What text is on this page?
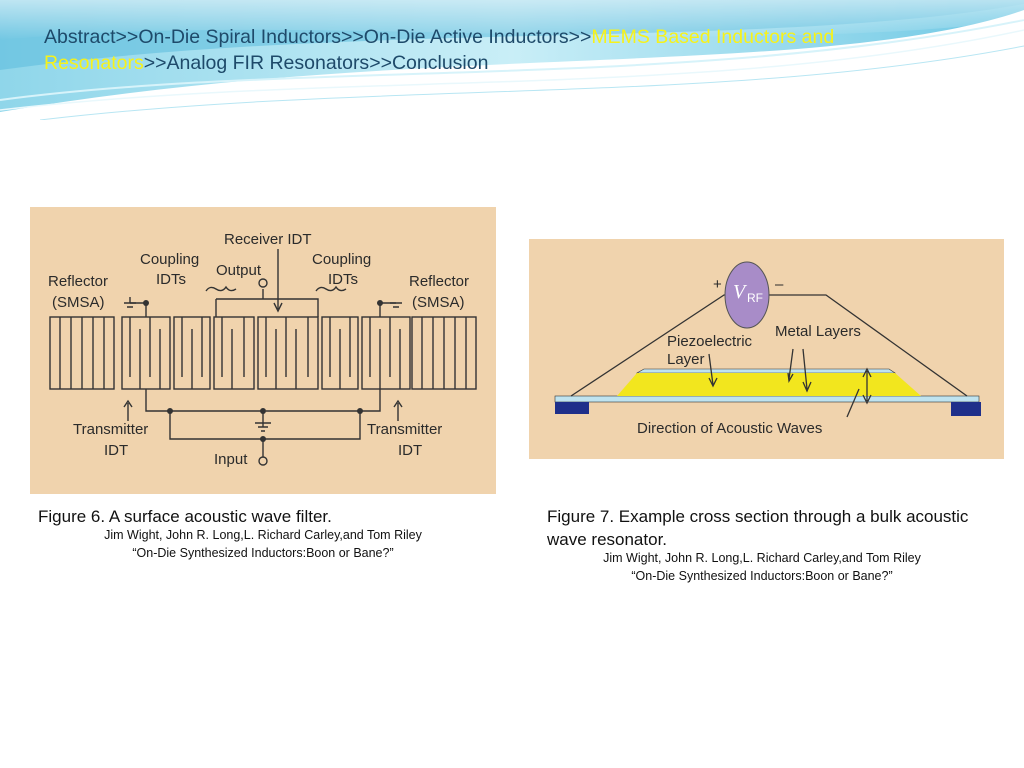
Abstract>>On-Die Spiral Inductors>>On-Die Active Inductors>>MEMS Based Inductors and Resonators>>Analog FIR Resonators>>Conclusion
Receiver IDT
Coupling
IDTs
Coupling
IDTs
Output
Reflector
(SMSA)
Reflector
(SMSA)
Transmitter
IDT
Transmitter
IDT
Input
V RF
+	–
Piezoelectric
Layer
Metal Layers
Direction of Acoustic Waves
Figure 6. A surface acoustic wave filter.
Jim Wight, John R. Long,L. Richard Carley,and Tom Riley
“On-Die Synthesized Inductors:Boon or Bane?”
Figure 7. Example cross section through a bulk acoustic wave resonator.
Jim Wight, John R. Long,L. Richard Carley,and Tom Riley
“On-Die Synthesized Inductors:Boon or Bane?”
